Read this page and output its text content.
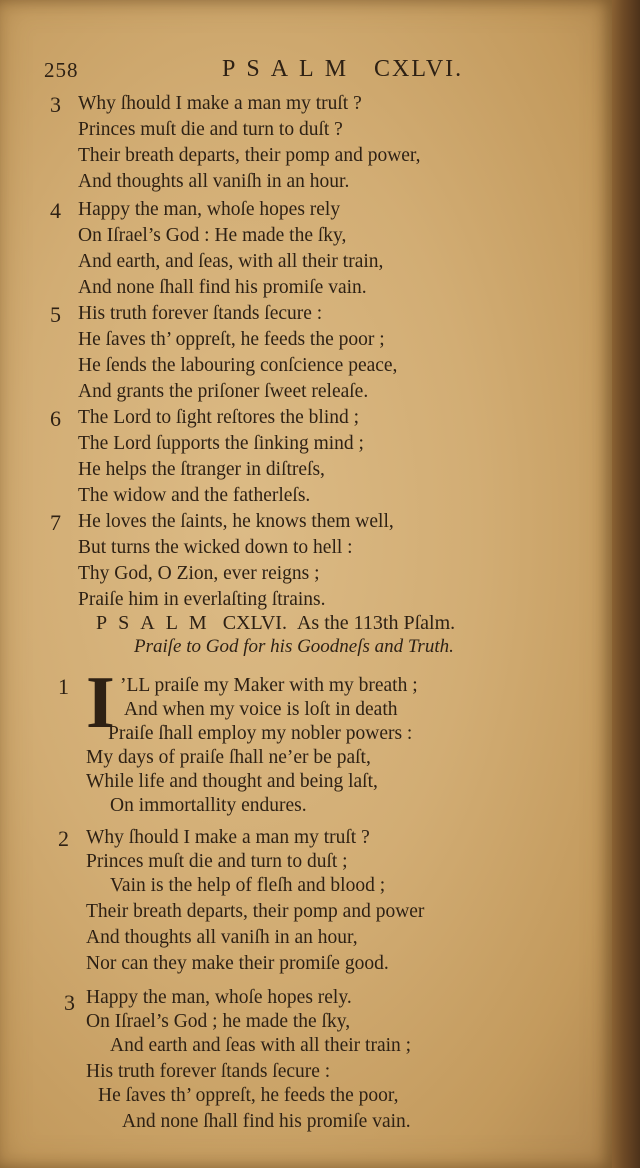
258	PSALM CXLVI.
3 Why ſhould I make a man my truſt ?
Princes muſt die and turn to duſt ?
Their breath departs, their pomp and power,
And thoughts all vaniſh in an hour.
4 Happy the man, whoſe hopes rely
On Iſrael’s God : He made the ſky,
And earth, and ſeas, with all their train,
And none ſhall find his promiſe vain.
5 His truth forever ſtands ſecure :
He ſaves th’ oppreſt, he feeds the poor ;
He ſends the labouring conſcience peace,
And grants the priſoner ſweet releaſe.
6 The Lord to ſight reſtores the blind ;
The Lord ſupports the ſinking mind ;
He helps the ſtranger in diſtreſs,
The widow and the fatherleſs.
7 He loves the ſaints, he knows them well,
But turns the wicked down to hell :
Thy God, O Zion, ever reigns ;
Praiſe him in everlaſting ſtrains.
PSALM CXLVI. As the 113th Pſalm.
Praiſe to God for his Goodneſs and Truth.
1 I ’LL praiſe my Maker with my breath ;
And when my voice is loſt in death
Praiſe ſhall employ my nobler powers :
My days of praiſe ſhall ne’er be paſt,
While life and thought and being laſt,
On immortallity endures.
2 Why ſhould I make a man my truſt ?
Princes muſt die and turn to duſt ;
Vain is the help of fleſh and blood ;
Their breath departs, their pomp and power
And thoughts all vaniſh in an hour,
Nor can they make their promiſe good.
3 Happy the man, whoſe hopes rely.
On Iſrael’s God ; he made the ſky,
And earth and ſeas with all their train ;
His truth forever ſtands ſecure :
He ſaves th’ oppreſt, he feeds the poor,
And none ſhall find his promiſe vain.
